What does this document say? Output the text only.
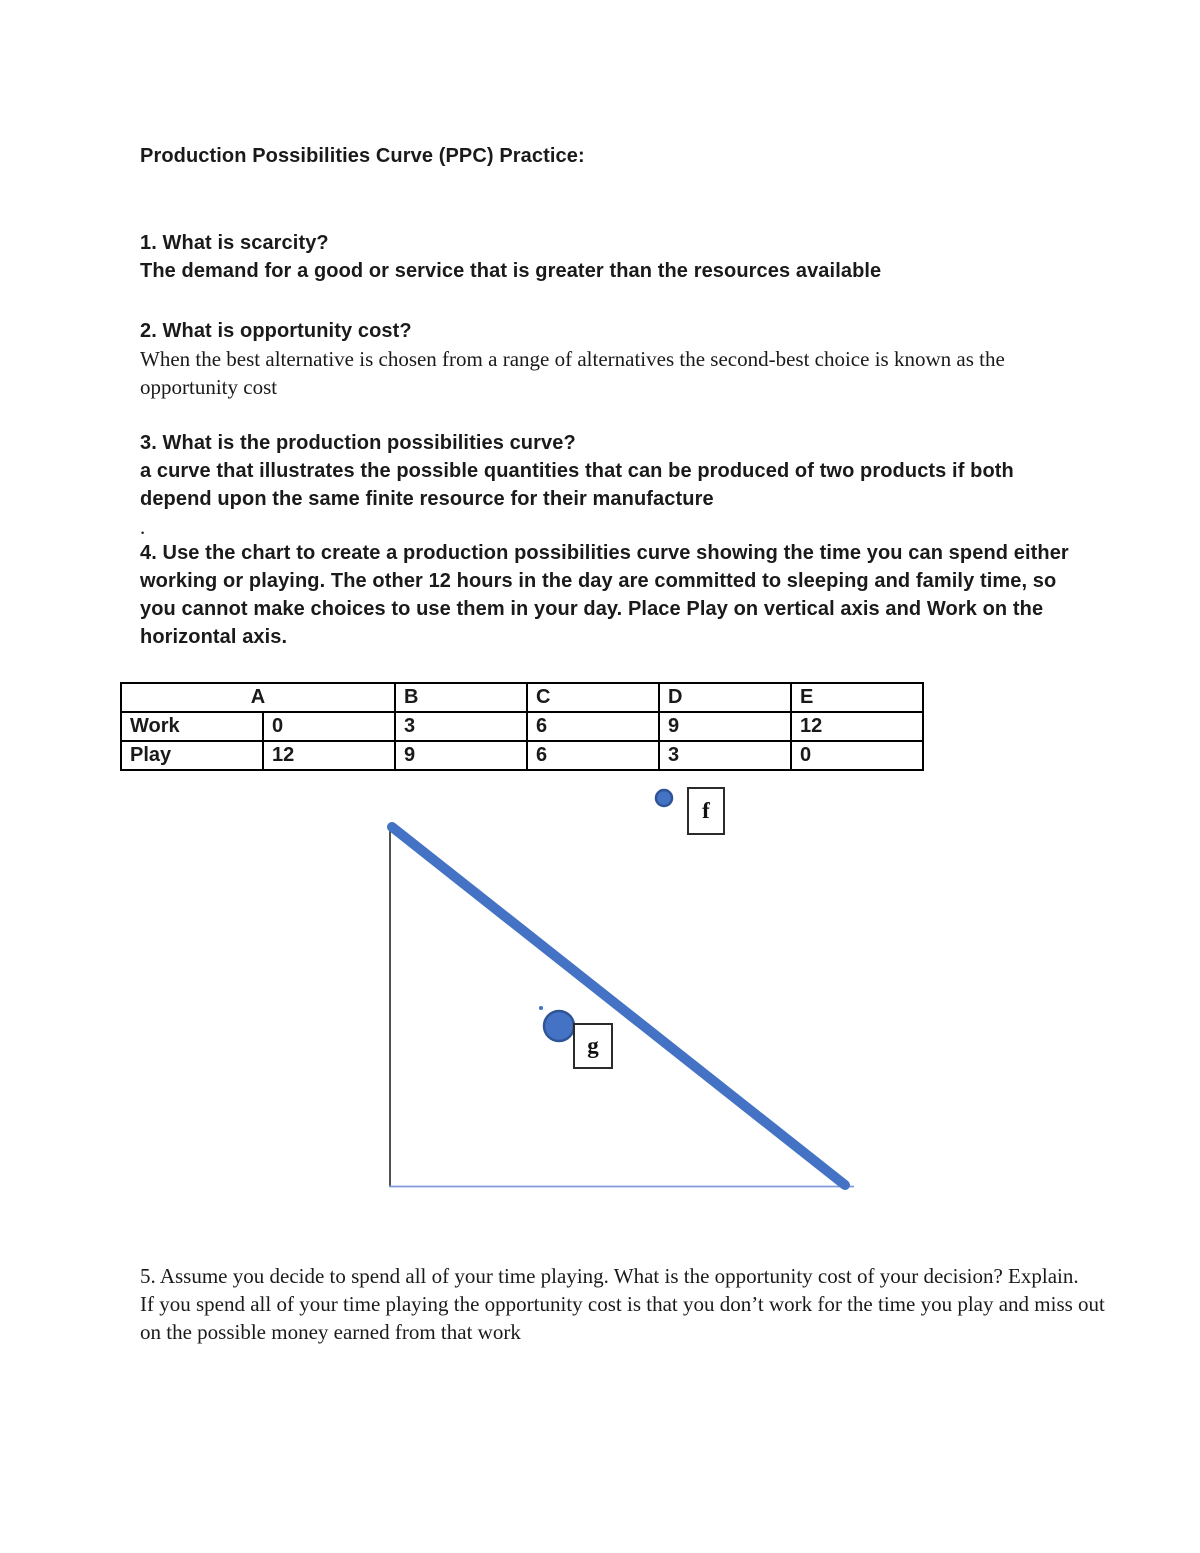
Production Possibilities Curve (PPC) Practice:

1. What is scarcity?

The demand for a good or service that is greater than the resources available

2. What is opportunity cost?

When the best alternative is chosen from a range of alternatives the second-best choice is known as the opportunity cost

3. What is the production possibilities curve?

a curve that illustrates the possible quantities that can be produced of two products if both depend upon the same finite resource for their manufacture

.

4. Use the chart to create a production possibilities curve showing the time you can spend either working or playing. The other 12 hours in the day are committed to sleeping and family time, so you cannot make choices to use them in your day. Place Play on vertical axis and Work on the horizontal axis.

A		B	C	D	E
Work	0	3	6	9	12
Play	12	9	6	3	0
f
g

5. Assume you decide to spend all of your time playing. What is the opportunity cost of your decision? Explain.

If you spend all of your time playing the opportunity cost is that you don’t work for the time you play and miss out on the possible money earned from that work
